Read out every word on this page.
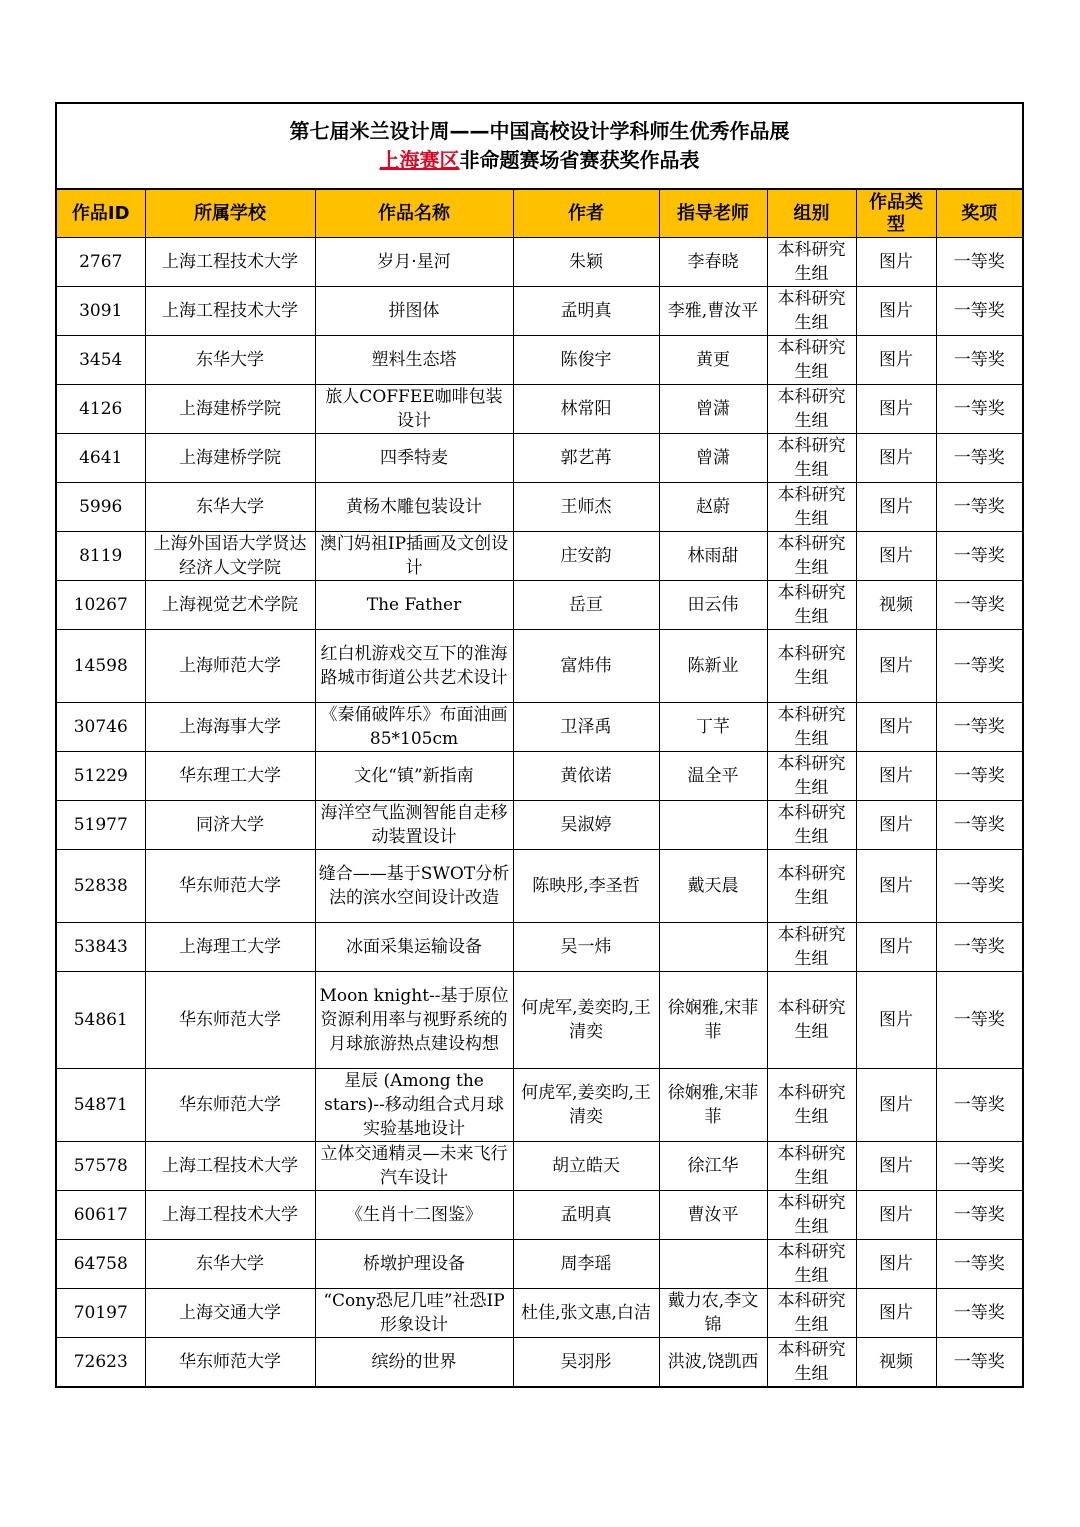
第七届米兰设计周——中国高校设计学科师生优秀作品展
上海赛区非命题赛场省赛获奖作品表
作品ID	所属学校	作品名称	作者	指导老师	组别	作品类型	奖项
2767	上海工程技术大学	岁月·星河	朱颖	李春晓	本科研究生组	图片	一等奖
3091	上海工程技术大学	拼图体	孟明真	李雅,曹汝平	本科研究生组	图片	一等奖
3454	东华大学	塑料生态塔	陈俊宇	黄更	本科研究生组	图片	一等奖
4126	上海建桥学院	旅人COFFEE咖啡包装设计	林常阳	曾潇	本科研究生组	图片	一等奖
4641	上海建桥学院	四季特麦	郭艺苒	曾潇	本科研究生组	图片	一等奖
5996	东华大学	黄杨木雕包装设计	王师杰	赵蔚	本科研究生组	图片	一等奖
8119	上海外国语大学贤达经济人文学院	澳门妈祖IP插画及文创设计	庄安韵	林雨甜	本科研究生组	图片	一等奖
10267	上海视觉艺术学院	The Father	岳亘	田云伟	本科研究生组	视频	一等奖
14598	上海师范大学	红白机游戏交互下的淮海路城市街道公共艺术设计	富炜伟	陈新业	本科研究生组	图片	一等奖
30746	上海海事大学	《秦俑破阵乐》布面油画 85*105cm	卫泽禹	丁芊	本科研究生组	图片	一等奖
51229	华东理工大学	文化“镇”新指南	黄依诺	温全平	本科研究生组	图片	一等奖
51977	同济大学	海洋空气监测智能自走移动装置设计	吴淑婷		本科研究生组	图片	一等奖
52838	华东师范大学	缝合——基于SWOT分析法的滨水空间设计改造	陈映彤,李圣哲	戴天晨	本科研究生组	图片	一等奖
53843	上海理工大学	冰面采集运输设备	吴一炜		本科研究生组	图片	一等奖
54861	华东师范大学	Moon knight--基于原位资源利用率与视野系统的月球旅游热点建设构想	何虎军,姜奕昀,王清奕	徐娴雅,宋菲菲	本科研究生组	图片	一等奖
54871	华东师范大学	星辰 (Among the stars)--移动组合式月球实验基地设计	何虎军,姜奕昀,王清奕	徐娴雅,宋菲菲	本科研究生组	图片	一等奖
57578	上海工程技术大学	立体交通精灵—未来飞行汽车设计	胡立皓天	徐江华	本科研究生组	图片	一等奖
60617	上海工程技术大学	《生肖十二图鉴》	孟明真	曹汝平	本科研究生组	图片	一等奖
64758	东华大学	桥墩护理设备	周李瑶		本科研究生组	图片	一等奖
70197	上海交通大学	“Cony恐尼几哇”社恐IP形象设计	杜佳,张文惠,白洁	戴力农,李文锦	本科研究生组	图片	一等奖
72623	华东师范大学	缤纷的世界	吴羽彤	洪波,饶凯西	本科研究生组	视频	一等奖
